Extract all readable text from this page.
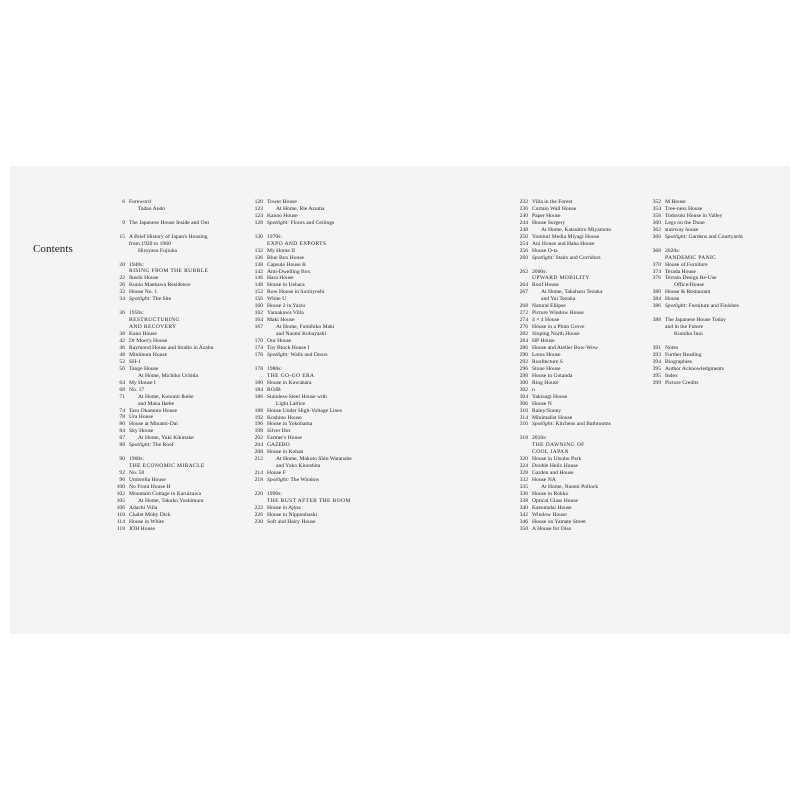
Contents
6 Foreword
Tadao Ando
9 The Japanese House Inside and Out
15 A Brief History of Japan's Housing
from 1920 to 1960
Hiroyasu Fujioka
20 1940s:
RISING FROM THE RUBBLE
22 Ikeshi House
26 Kunio Maekawa Residence
32 House No. 1
34 Spotlight: The Site
36 1950s:
RESTRUCTURING
AND RECOVERY
38 Kano House
42 Dr Moer's House
46 Raymond House and Studio in Azabu
48 Minimum House
52 SH-1
56 Tange House
At Home, Michiko Uchida
64 My House I
68 No. 17
71 At Home, Konomi Ikebe
and Mana Ikebe
74 Taro Okamoto House
78 Ura House
80 House at Minami-Dai
84 Sky House
87 At Home, Yuki Kikutake
88 Spotlight: The Roof
90 1960s:
THE ECONOMIC MIRACLE
92 No. 58
96 Umbrella House
100 No Front House H
102 Mountain Cottage in Karuizawa
105 At Home, Takuko Yoshimura
106 Adachi Villa
110 Chalet Moby Dick
114 House in White
118 JOH House
120 Tower House
123 At Home, Rie Azuma
124 Kanno House
128 Spotlight: Floors and Ceilings
130 1970s:
EXPO AND EXPORTS
132 My Home II
136 Blue Box House
138 Capsule House K
142 Anti-Dwelling Box
146 Hara House
148 House in Uehara
152 Row House in Sumiyoshi
156 White U
160 House 2 in Yaizu
162 Yamakawa Villa
164 Maki House
167 At Home, Fumihiko Maki
and Naomi Kobayashi
170 Our House
174 Toy Block House I
176 Spotlight: Walls and Doors
178 1980s:
THE GO-GO ERA
180 House in Kuwahara
184 ROJB
186 Stainless-Steel House with
Light Lattice
188 House Under High-Voltage Lines
192 Koshino House
196 House in Yokohama
198 Silver Hut
202 Farmer's House
204 GAZEBO
208 House in Kohan
212 At Home, Makoto Shin Watanabe
and Yoko Kinoshita
214 House F
218 Spotlight: The Window
220 1990s:
THE BUST AFTER THE BOOM
222 House in Ajina
226 House in Nipponbashi
230 Soft and Hairy House
232 Villa in the Forest
236 Curtain Wall House
240 Paper House
244 House Surgery
248 At Home, Katsuhiro Miyamoto
250 Yomiuri Media Miyagi House
254 Ani House and Haha House
256 House O-ta
260 Spotlight: Stairs and Corridors
262 2000s:
UPWARD MOBILITY
264 Roof House
267 At Home, Takaharu Tezuka
and Yui Tezuka
268 Natural Ellipse
272 Picture Window House
274 4 × 4 House
276 House in a Plum Grove
282 Sloping North House
284 HP House
286 House and Atelier Bow-Wow
290 Lotus House
292 Rooftecture S
296 Stone House
298 House in Gotanda
300 Ring House
302 n
304 Yakisugi House
306 House N
310 Rainy/Sunny
314 Minimalist House
316 Spotlight: Kitchens and Bathrooms
318 2010s:
THE DAWNING OF
COOL JAPAN
320 House in Utsubo Park
324 Double Helix House
328 Garden and House
332 House NA
335 At Home, Naomi Pollock
336 House in Rokko
338 Optical Glass House
340 Katsutadai House
342 Window House
346 House on Yamate Street
350 A House for Oiso
352 M House
354 Tree-ness House
358 Todoroki House in Valley
360 Legs on the Dune
362 stairway house
366 Spotlight: Gardens and Courtyards
368 2020s:
PANDEMIC PANIC
370 House of Furniture
374 Terada House
376 Terrain Design Re-Use
Office/House
380 House & Restaurant
384 House
386 Spotlight: Furniture and Finishes
388 The Japanese House Today
and in the Future
Kumiko Inui
391 Notes
393 Further Reading
394 Biographies
395 Author Acknowledgments
395 Index
399 Picture Credits
